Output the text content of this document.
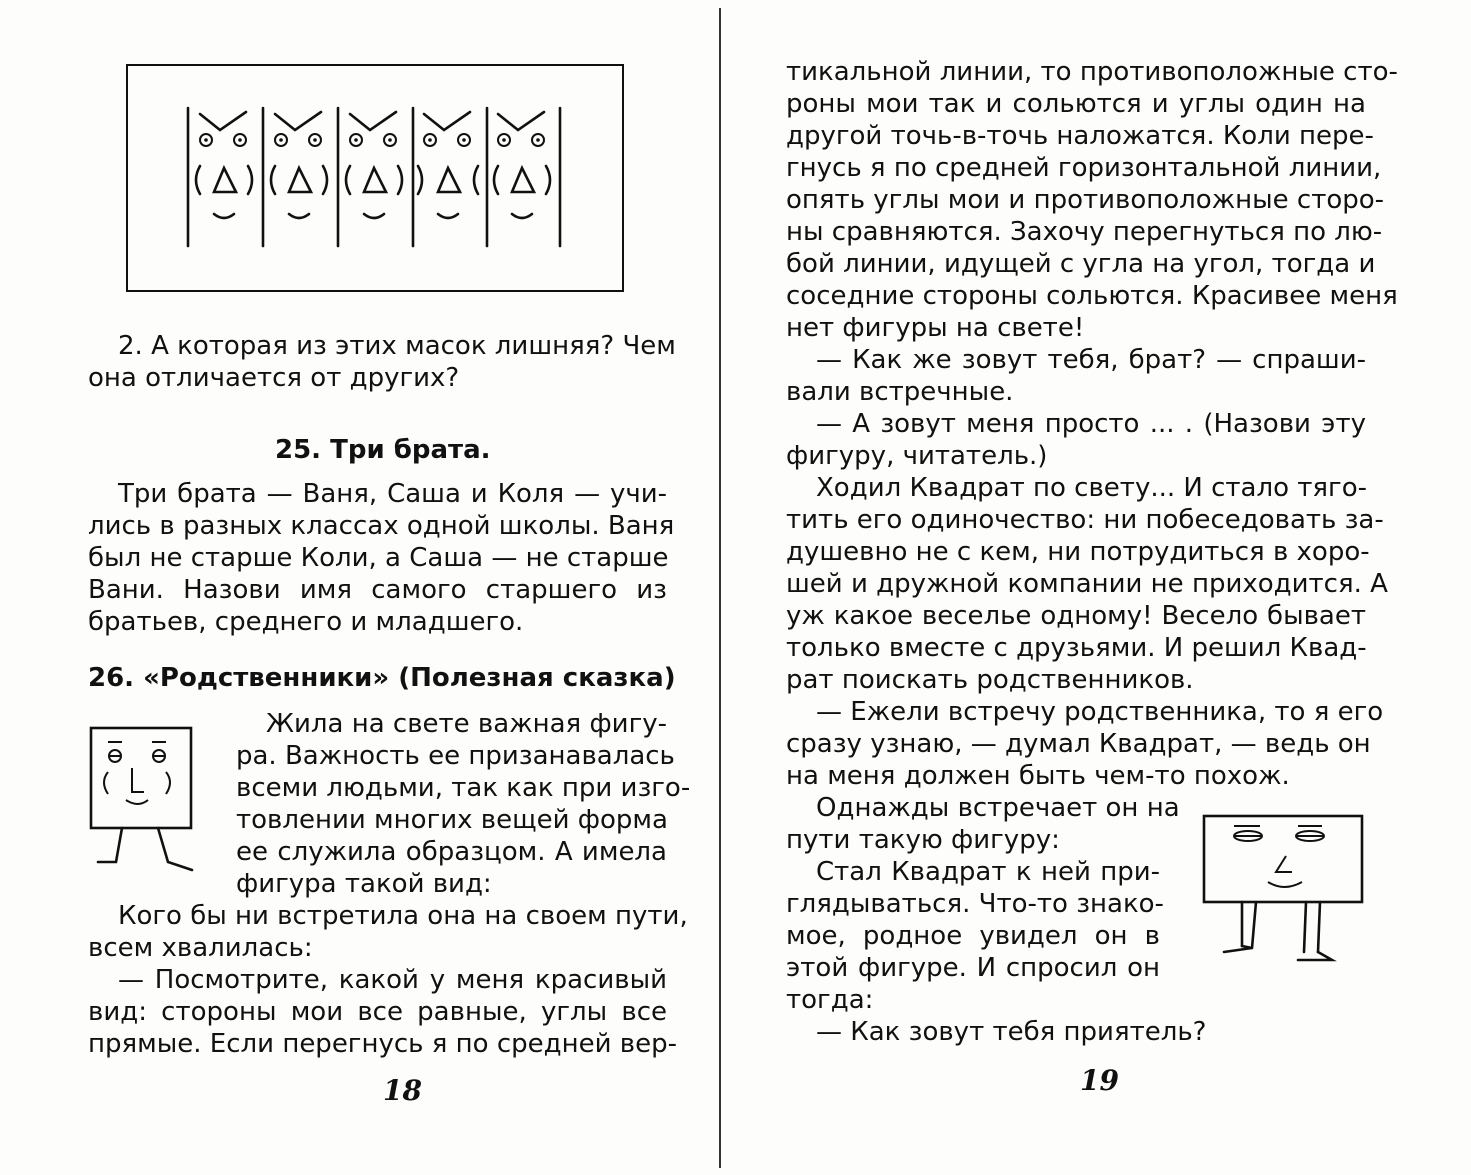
2. А которая из этих масок лишняя? Чем
она отличается от других?
25. Три брата.
Три брата — Ваня, Саша и Коля — учи-
лись в разных классах одной школы. Ваня
был не старше Коли, а Саша — не старше
Вани. Назови имя самого старшего из
братьев, среднего и младшего.
26. «Родственники» (Полезная сказка)
Жила на свете важная фигу-
ра. Важность ее призанавалась
всеми людьми, так как при изго-
товлении многих вещей форма
ее служила образцом. А имела
фигура такой вид:
Кого бы ни встретила она на своем пути,
всем хвалилась:
— Посмотрите, какой у меня красивый
вид: стороны мои все равные, углы все
прямые. Если перегнусь я по средней вер-
18	19
тикальной линии, то противоположные сто-
роны мои так и сольются и углы один на
другой точь-в-точь наложатся. Коли пере-
гнусь я по средней горизонтальной линии,
опять углы мои и противоположные сторо-
ны сравняются. Захочу перегнуться по лю-
бой линии, идущей с угла на угол, тогда и
соседние стороны сольются. Красивее меня
нет фигуры на свете!
— Как же зовут тебя, брат? — спраши-
вали встречные.
— А зовут меня просто ... . (Назови эту
фигуру, читатель.)
Ходил Квадрат по свету... И стало тяго-
тить его одиночество: ни побеседовать за-
душевно не с кем, ни потрудиться в хоро-
шей и дружной компании не приходится. А
уж какое веселье одному! Весело бывает
только вместе с друзьями. И решил Квад-
рат поискать родственников.
— Ежели встречу родственника, то я его
сразу узнаю, — думал Квадрат, — ведь он
на меня должен быть чем-то похож.
Однажды встречает он на
пути такую фигуру:
Стал Квадрат к ней при-
глядываться. Что-то знако-
мое, родное увидел он в
этой фигуре. И спросил он
тогда:
— Как зовут тебя приятель?
